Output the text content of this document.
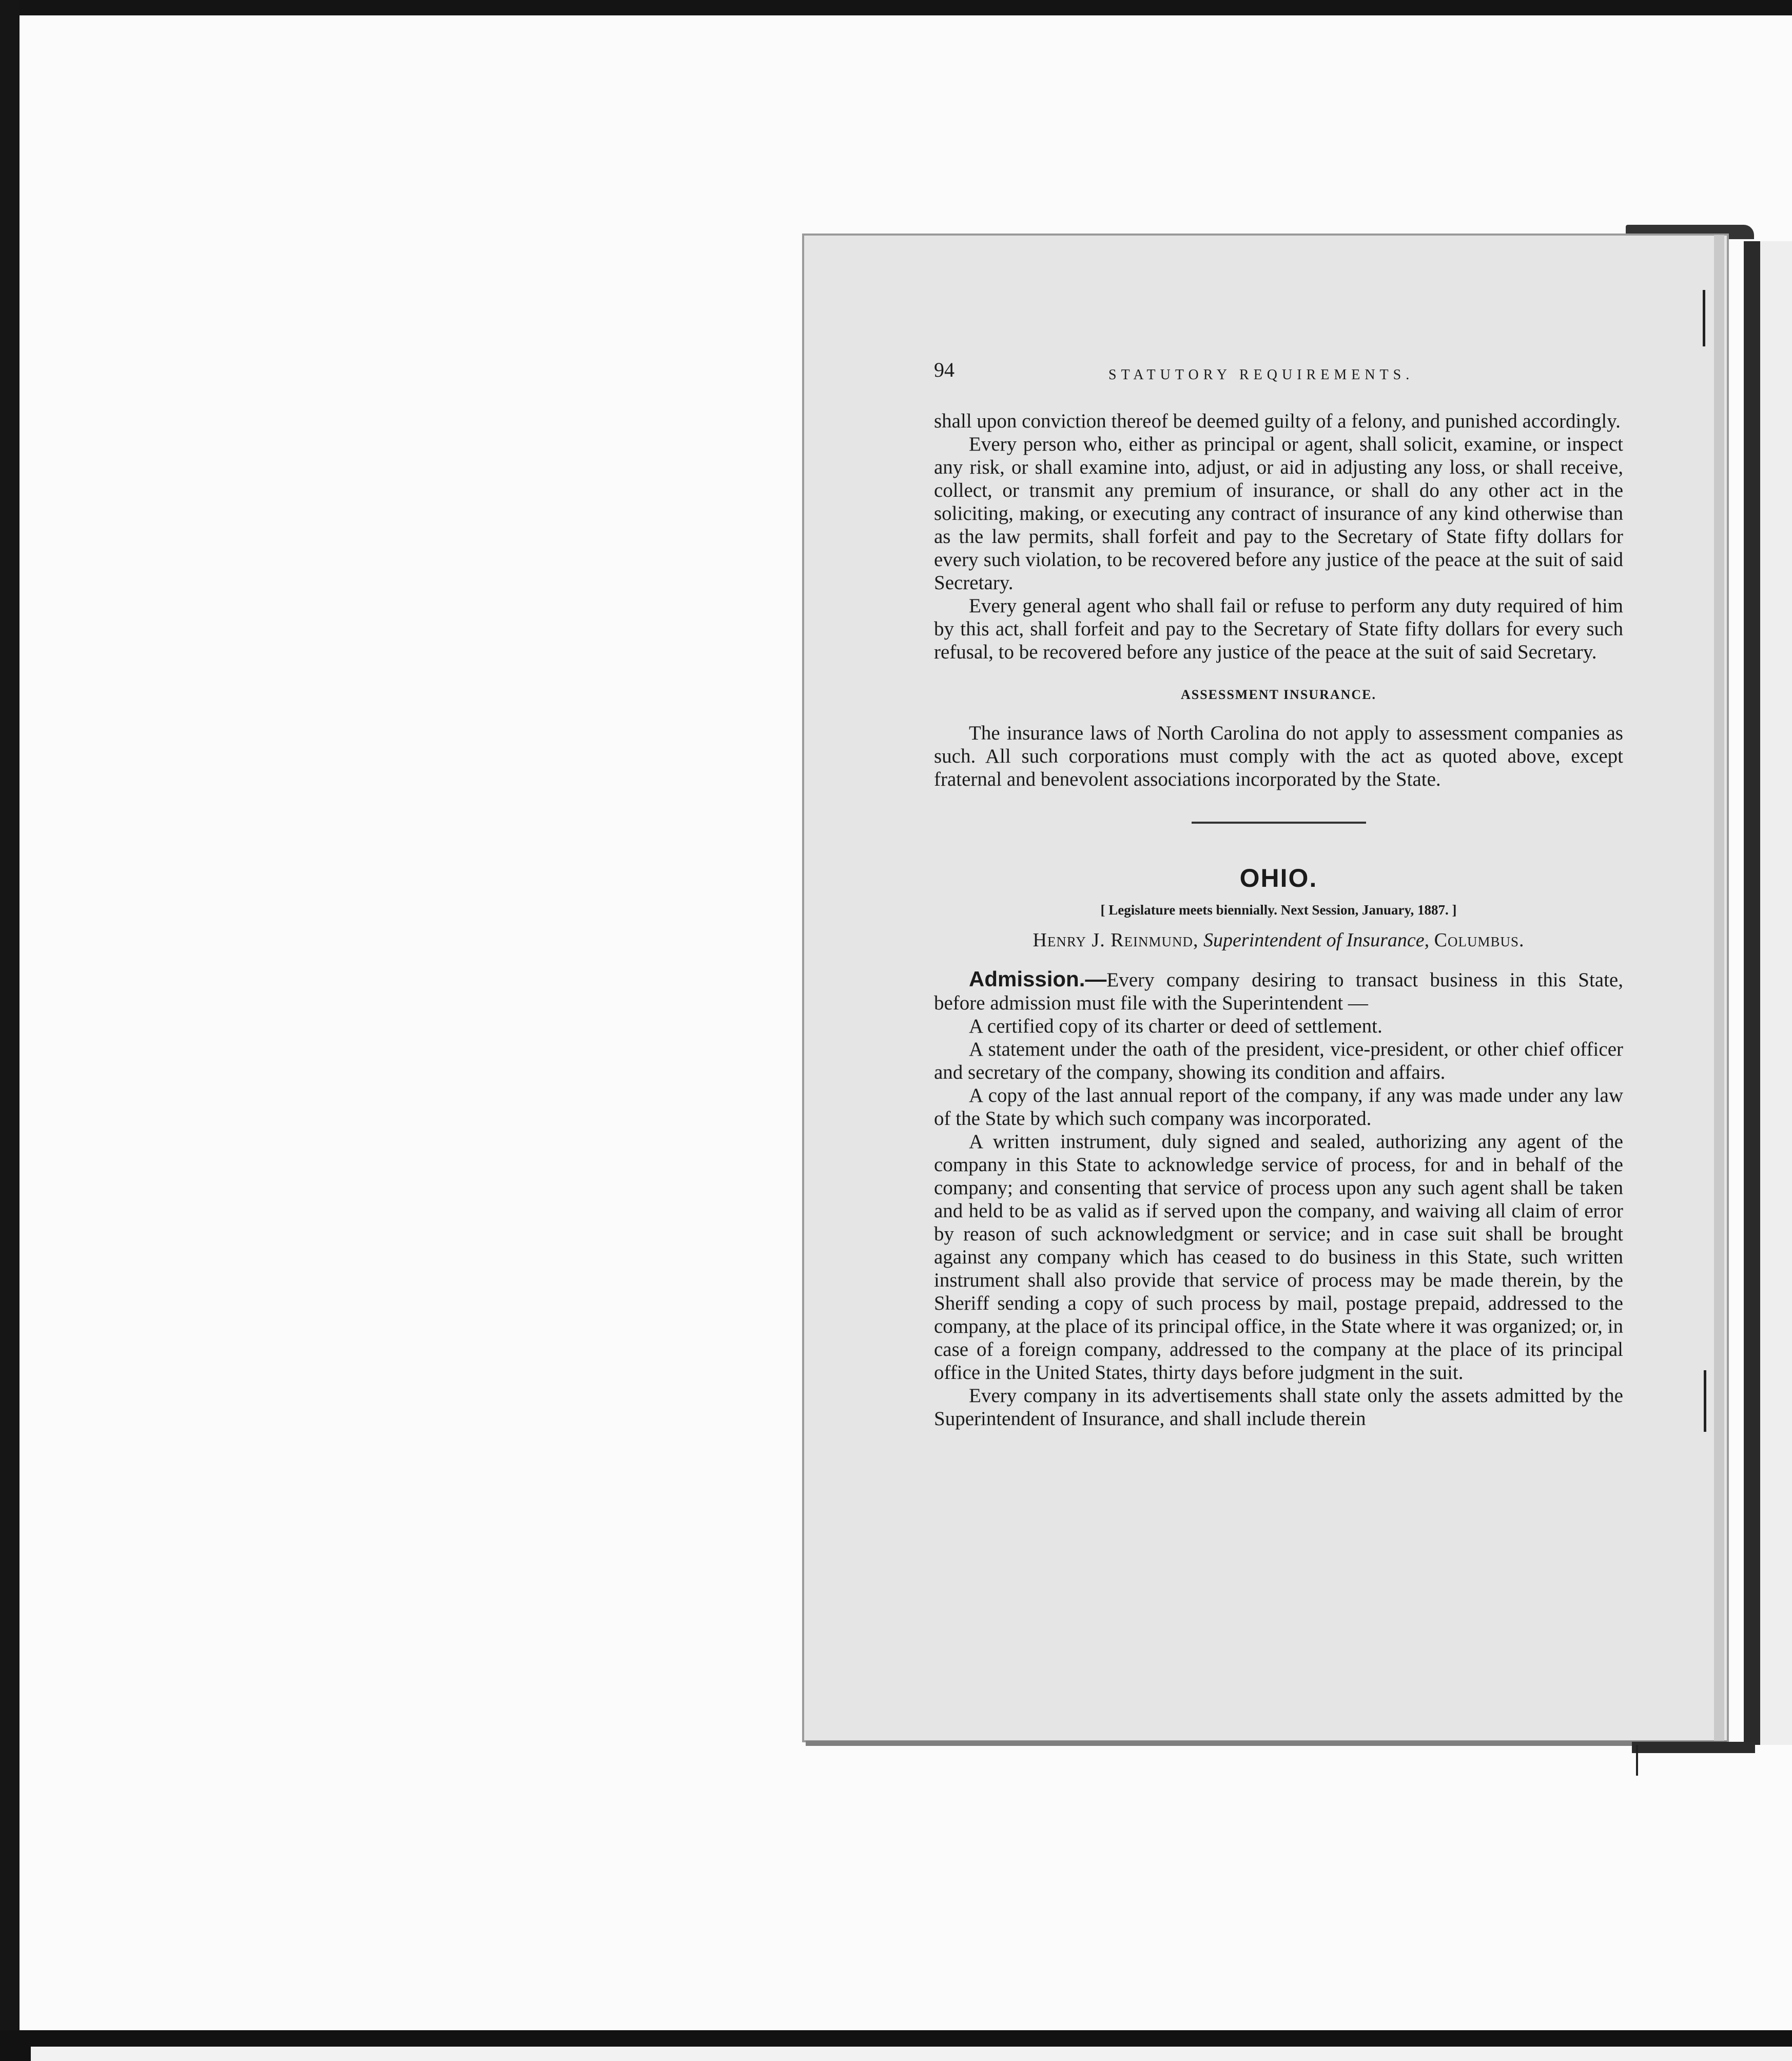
94	STATUTORY REQUIREMENTS.

shall upon conviction thereof be deemed guilty of a felony, and punished accordingly.

Every person who, either as principal or agent, shall solicit, examine, or inspect any risk, or shall examine into, adjust, or aid in adjusting any loss, or shall receive, collect, or transmit any premium of insurance, or shall do any other act in the soliciting, making, or executing any contract of insurance of any kind otherwise than as the law permits, shall forfeit and pay to the Secretary of State fifty dollars for every such violation, to be recovered before any justice of the peace at the suit of said Secretary.

Every general agent who shall fail or refuse to perform any duty required of him by this act, shall forfeit and pay to the Secretary of State fifty dollars for every such refusal, to be recovered before any justice of the peace at the suit of said Secretary.

ASSESSMENT INSURANCE.

The insurance laws of North Carolina do not apply to assessment companies as such. All such corporations must comply with the act as quoted above, except fraternal and benevolent associations incorporated by the State.

OHIO.
[ Legislature meets biennially. Next Session, January, 1887. ]
Henry J. Reinmund, Superintendent of Insurance, Columbus.

Admission.—Every company desiring to transact business in this State, before admission must file with the Superintendent —

A certified copy of its charter or deed of settlement.

A statement under the oath of the president, vice-president, or other chief officer and secretary of the company, showing its condition and affairs.

A copy of the last annual report of the company, if any was made under any law of the State by which such company was incorporated.

A written instrument, duly signed and sealed, authorizing any agent of the company in this State to acknowledge service of process, for and in behalf of the company; and consenting that service of process upon any such agent shall be taken and held to be as valid as if served upon the company, and waiving all claim of error by reason of such acknowledgment or service; and in case suit shall be brought against any company which has ceased to do business in this State, such written instrument shall also provide that service of process may be made therein, by the Sheriff sending a copy of such process by mail, postage prepaid, addressed to the company, at the place of its principal office, in the State where it was organized; or, in case of a foreign company, addressed to the company at the place of its principal office in the United States, thirty days before judgment in the suit.

Every company in its advertisements shall state only the assets admitted by the Superintendent of Insurance, and shall include therein
